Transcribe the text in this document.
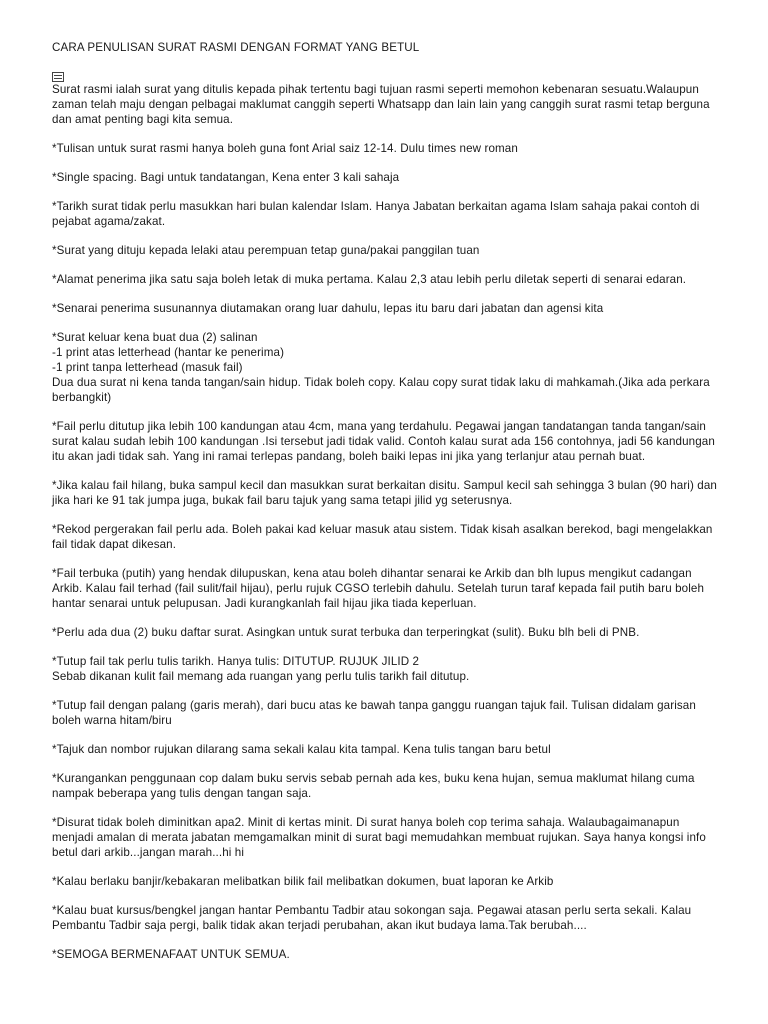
CARA PENULISAN SURAT RASMI DENGAN FORMAT YANG BETUL
Surat rasmi ialah surat yang ditulis kepada pihak tertentu bagi tujuan rasmi seperti memohon kebenaran sesuatu.Walaupun zaman telah maju dengan pelbagai maklumat canggih seperti Whatsapp dan lain lain yang canggih surat rasmi tetap berguna dan amat penting bagi kita semua.
*Tulisan untuk surat rasmi hanya boleh guna font Arial saiz 12-14. Dulu times new roman
*Single spacing. Bagi untuk tandatangan, Kena enter 3 kali sahaja
*Tarikh surat tidak perlu masukkan hari bulan kalendar Islam. Hanya Jabatan berkaitan agama Islam sahaja pakai contoh di pejabat agama/zakat.
*Surat yang dituju kepada lelaki atau perempuan tetap guna/pakai panggilan tuan
*Alamat penerima jika satu saja boleh letak di muka pertama. Kalau 2,3 atau lebih perlu diletak seperti di senarai edaran.
*Senarai penerima susunannya diutamakan orang luar dahulu, lepas itu baru dari jabatan dan agensi kita
*Surat keluar kena buat dua (2) salinan
-1 print atas letterhead (hantar ke penerima)
-1 print tanpa letterhead (masuk fail)
Dua dua surat ni kena tanda tangan/sain hidup. Tidak boleh copy. Kalau copy surat tidak laku di mahkamah.(Jika ada perkara berbangkit)
*Fail perlu ditutup jika lebih 100 kandungan atau 4cm, mana yang terdahulu. Pegawai jangan tandatangan tanda tangan/sain surat kalau sudah lebih 100 kandungan .Isi tersebut jadi tidak valid. Contoh kalau surat ada 156 contohnya, jadi 56 kandungan itu akan jadi tidak sah. Yang ini ramai terlepas pandang, boleh baiki lepas ini jika yang terlanjur atau pernah buat.
*Jika kalau fail hilang, buka sampul kecil dan masukkan surat berkaitan disitu. Sampul kecil sah sehingga 3 bulan (90 hari) dan jika hari ke 91 tak jumpa juga, bukak fail baru tajuk yang sama tetapi jilid yg seterusnya.
*Rekod pergerakan fail perlu ada. Boleh pakai kad keluar masuk atau sistem. Tidak kisah asalkan berekod, bagi mengelakkan fail tidak dapat dikesan.
*Fail terbuka (putih) yang hendak dilupuskan, kena atau boleh dihantar senarai ke Arkib dan blh lupus mengikut cadangan Arkib. Kalau fail terhad (fail sulit/fail hijau), perlu rujuk CGSO terlebih dahulu. Setelah turun taraf kepada fail putih baru boleh hantar senarai untuk pelupusan. Jadi kurangkanlah fail hijau jika tiada keperluan.
*Perlu ada dua (2) buku daftar surat. Asingkan untuk surat terbuka dan terperingkat (sulit). Buku blh beli di PNB.
*Tutup fail tak perlu tulis tarikh. Hanya tulis: DITUTUP. RUJUK JILID 2
Sebab dikanan kulit fail memang ada ruangan yang perlu tulis tarikh fail ditutup.
*Tutup fail dengan palang (garis merah), dari bucu atas ke bawah tanpa ganggu ruangan tajuk fail. Tulisan didalam garisan boleh warna hitam/biru
*Tajuk dan nombor rujukan dilarang sama sekali kalau kita tampal. Kena tulis tangan baru betul
*Kurangankan penggunaan cop dalam buku servis sebab pernah ada kes, buku kena hujan, semua maklumat hilang cuma nampak beberapa yang tulis dengan tangan saja.
*Disurat tidak boleh diminitkan apa2. Minit di kertas minit. Di surat hanya boleh cop terima sahaja. Walaubagaimanapun menjadi amalan di merata jabatan memgamalkan minit di surat bagi memudahkan membuat rujukan. Saya hanya kongsi info betul dari arkib...jangan marah...hi hi
*Kalau berlaku banjir/kebakaran melibatkan bilik fail melibatkan dokumen, buat laporan ke Arkib
*Kalau buat kursus/bengkel jangan hantar Pembantu Tadbir atau sokongan saja. Pegawai atasan perlu serta sekali. Kalau Pembantu Tadbir saja pergi, balik tidak akan terjadi perubahan, akan ikut budaya lama.Tak berubah....
*SEMOGA BERMENAFAAT UNTUK SEMUA.
